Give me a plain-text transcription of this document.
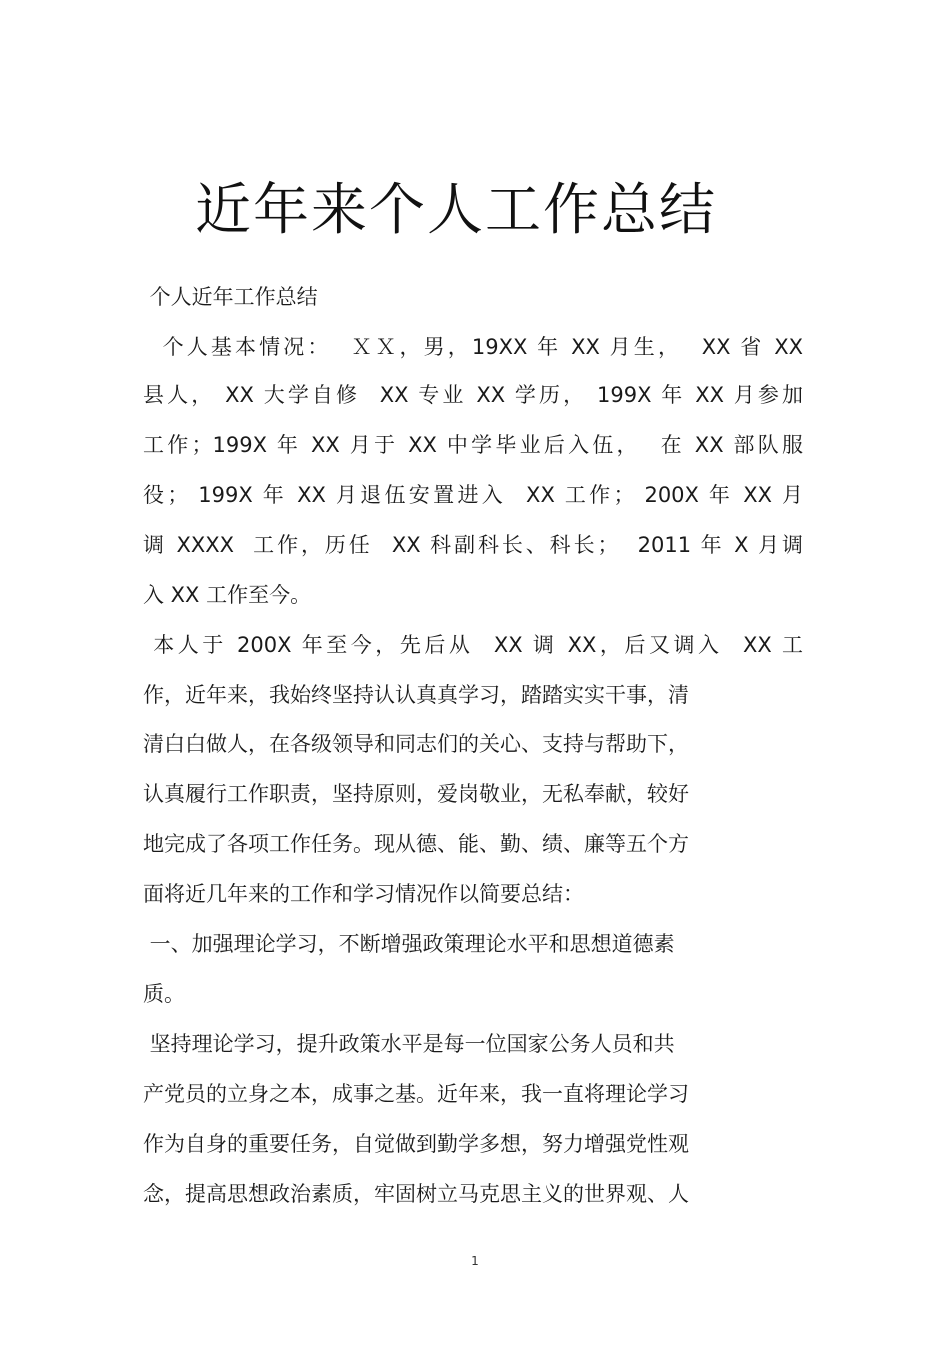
近年来个人工作总结
个人近年工作总结
个人基本情况：  ＸＸ，男，19XX 年 XX 月生，  XX 省 XX
县人， XX 大学自修  XX 专业 XX 学历， 199X 年 XX 月参加
工作；199X 年 XX 月于 XX 中学毕业后入伍，  在 XX 部队服
役； 199X 年 XX 月退伍安置进入  XX 工作； 200X 年 XX 月
调 XXXX  工作，历任  XX 科副科长、科长；  2011 年 X 月调
入 XX 工作至今。
本人于 200X 年至今，先后从  XX 调 XX，后又调入  XX 工
作，近年来，我始终坚持认认真真学习，踏踏实实干事，清
清白白做人，在各级领导和同志们的关心、支持与帮助下，
认真履行工作职责，坚持原则，爱岗敬业，无私奉献，较好
地完成了各项工作任务。现从德、能、勤、绩、廉等五个方
面将近几年来的工作和学习情况作以简要总结：
一、加强理论学习，不断增强政策理论水平和思想道德素
质。
坚持理论学习，提升政策水平是每一位国家公务人员和共
产党员的立身之本，成事之基。近年来，我一直将理论学习
作为自身的重要任务，自觉做到勤学多想，努力增强党性观
念，提高思想政治素质，牢固树立马克思主义的世界观、人
1
